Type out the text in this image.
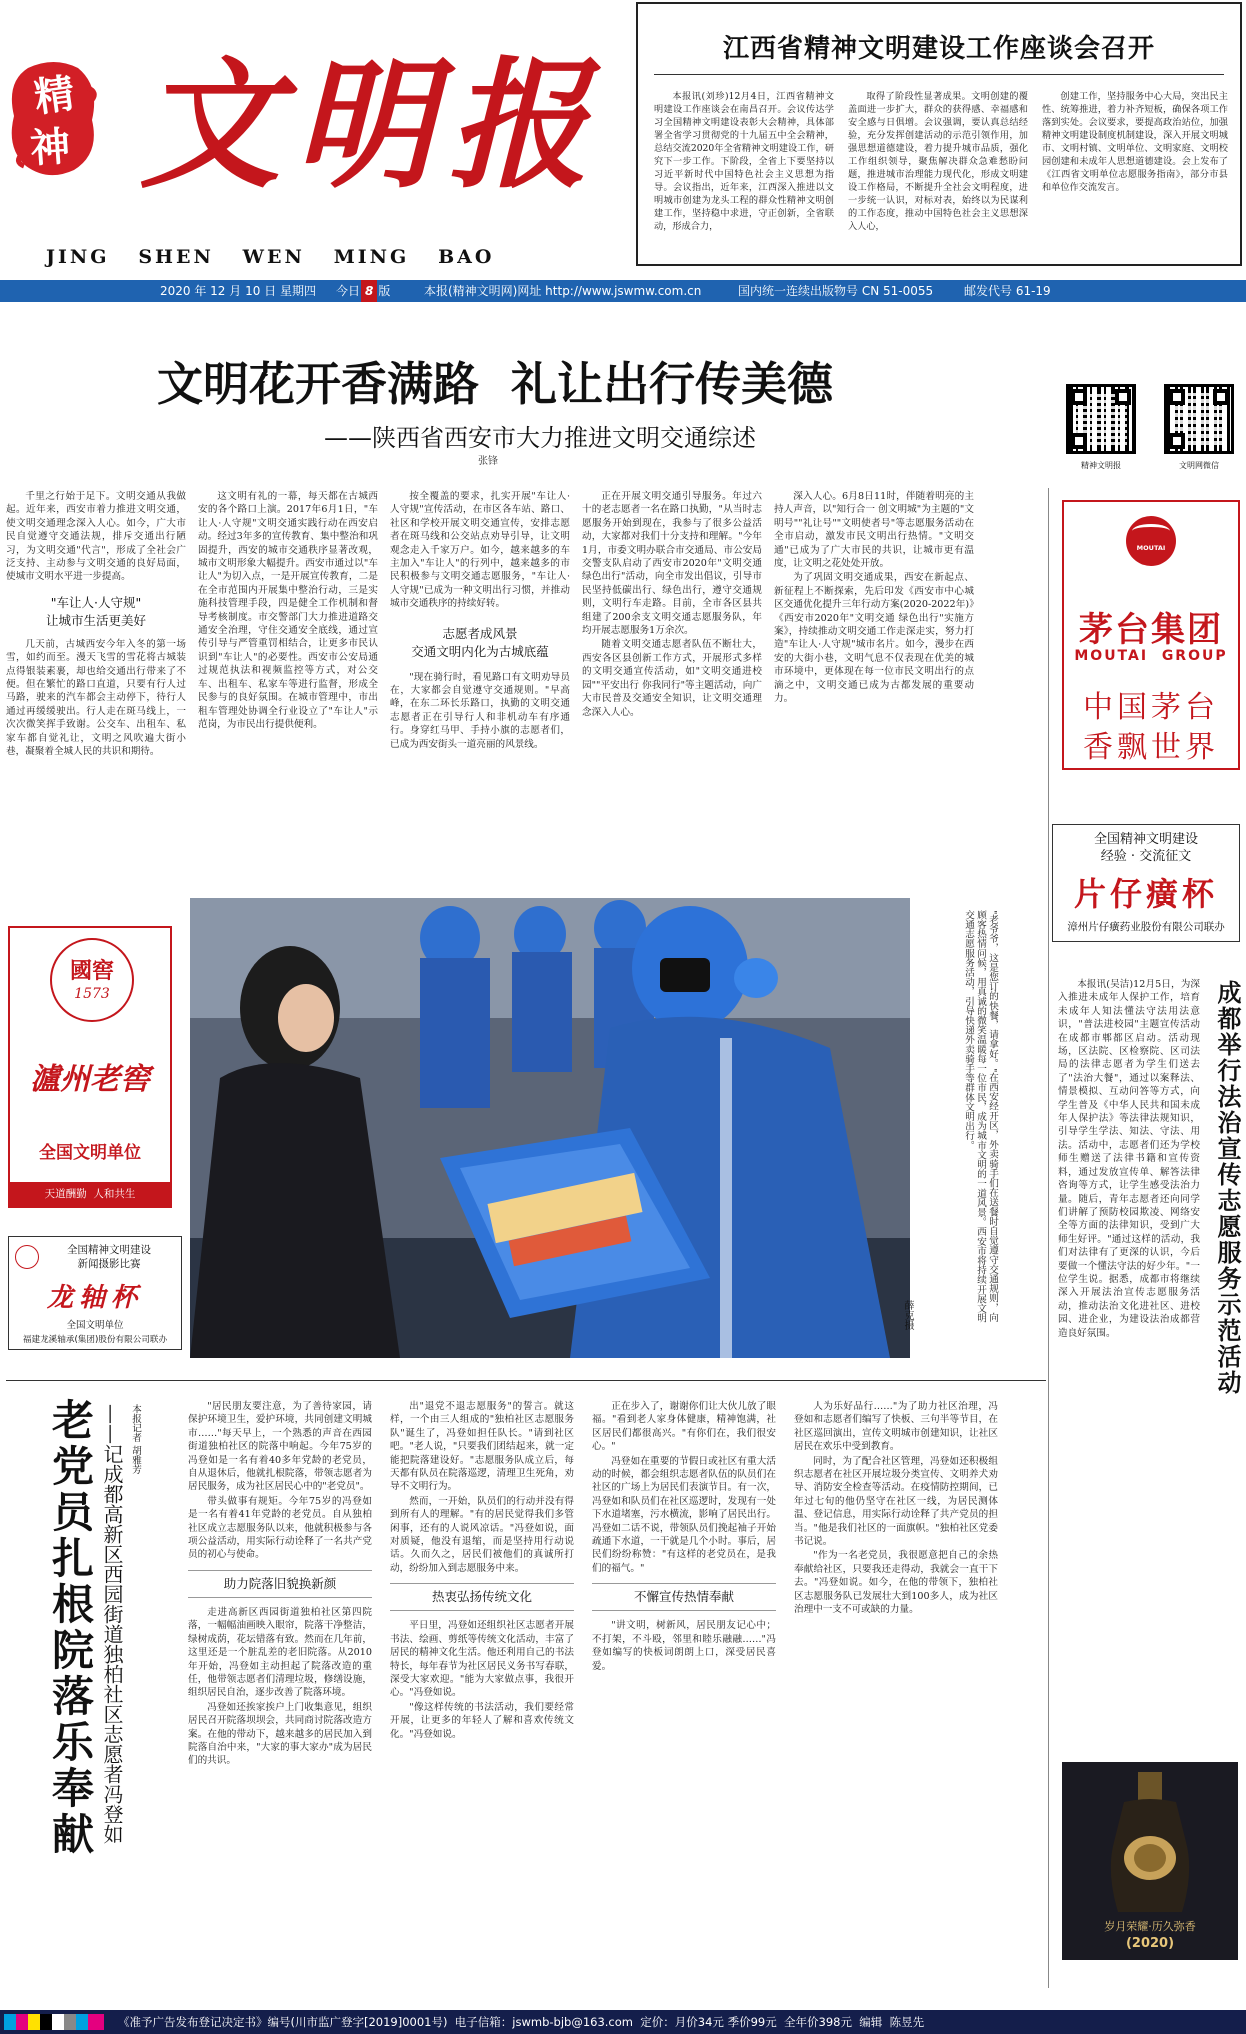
精
神 文明报
JING   SHEN   WEN   MING   BAO
江西省精神文明建设工作座谈会召开

本报讯(刘珍)12月4日，江西省精神文明建设工作座谈会在南昌召开。会议传达学习全国精神文明建设表彰大会精神，具体部署全省学习贯彻党的十九届五中全会精神，总结交流2020年全省精神文明建设工作，研究下一步工作。下阶段，全省上下要坚持以习近平新时代中国特色社会主义思想为指导。会议指出，近年来，江西深入推进以文明城市创建为龙头工程的群众性精神文明创建工作，坚持稳中求进，守正创新，全省联动，形成合力，

取得了阶段性显著成果。文明创建的覆盖面进一步扩大，群众的获得感、幸福感和安全感与日俱增。会议强调，要认真总结经验，充分发挥创建活动的示范引领作用，加强思想道德建设，着力提升城市品质，强化工作组织领导，聚焦解决群众急难愁盼问题，推进城市治理能力现代化，形成文明建设工作格局，不断提升全社会文明程度，进一步统一认识，对标对表，始终以为民谋利的工作态度，推动中国特色社会主义思想深入人心，

创建工作，坚持服务中心大局，突出民主性、统筹推进，着力补齐短板，确保各项工作落到实处。会议要求，要提高政治站位，加强精神文明建设制度机制建设，深入开展文明城市、文明村镇、文明单位、文明家庭、文明校园创建和未成年人思想道德建设。会上发布了《江西省文明单位志愿服务指南》，部分市县和单位作交流发言。

2020 年 12 月 10 日 星期四 今日 8 版	本报(精神文明网)网址 http://www.jswmw.com.cn	国内统一连续出版物号 CN 51-0055	邮发代号 61-19
文明花开香满路  礼让出行传美德
——陕西省西安市大力推进文明交通综述
张锋

千里之行始于足下。文明交通从我做起。近年来，西安市着力推进文明交通，使文明交通理念深入人心。如今，广大市民自觉遵守交通法规，排斥交通出行陋习，为文明交通"代言"，形成了全社会广泛支持、主动参与文明交通的良好局面，使城市文明水平进一步提高。

"车让人·人守规"
让城市生活更美好

几天前，古城西安今年入冬的第一场雪，如约而至。漫天飞雪的雪花将古城装点得银装素裹，却也给交通出行带来了不便。但在繁忙的路口直道，只要有行人过马路，驶来的汽车都会主动停下，待行人通过再缓缓驶出。行人走在斑马线上，一次次微笑挥手致谢。公交车、出租车、私家车都自觉礼让，文明之风吹遍大街小巷，凝聚着全城人民的共识和期待。

这文明有礼的一幕，每天都在古城西安的各个路口上演。2017年6月1日，"车让人·人守规"文明交通实践行动在西安启动。经过3年多的宣传教育、集中整治和巩固提升，西安的城市交通秩序显著改观，城市文明形象大幅提升。西安市通过以"车让人"为切入点，一是开展宣传教育，二是在全市范围内开展集中整治行动，三是实施科技管理手段，四是健全工作机制和督导考核制度。市交警部门大力推进道路交通安全治理，守住交通安全底线，通过宣传引导与严管重罚相结合，让更多市民认识到"车让人"的必要性。西安市公安局通过规范执法和视频监控等方式，对公交车、出租车、私家车等进行监督，形成全民参与的良好氛围。在城市管理中，市出租车管理处协调全行业设立了"车让人"示范岗，为市民出行提供便利。

按全覆盖的要求，扎实开展"车让人·人守规"宣传活动，在市区各车站、路口、社区和学校开展文明交通宣传，安排志愿者在斑马线和公交站点劝导引导，让文明观念走入千家万户。如今，越来越多的车主加入"车让人"的行列中，越来越多的市民积极参与文明交通志愿服务，"车让人·人守规"已成为一种文明出行习惯，并推动城市交通秩序的持续好转。

志愿者成风景
交通文明内化为古城底蕴

"现在骑行时，看见路口有文明劝导员在，大家都会自觉遵守交通规则。"早高峰，在东二环长乐路口，执勤的文明交通志愿者正在引导行人和非机动车有序通行。身穿红马甲、手持小旗的志愿者们，已成为西安街头一道亮丽的风景线。

正在开展文明交通引导服务。年过六十的老志愿者一名在路口执勤，"从当时志愿服务开始到现在，我参与了很多公益活动，大家都对我们十分支持和理解。"今年1月，市委文明办联合市交通局、市公安局交警支队启动了西安市2020年"文明交通 绿色出行"活动，向全市发出倡议，引导市民坚持低碳出行、绿色出行，遵守交通规则，文明行车走路。目前，全市各区县共组建了200余支文明交通志愿服务队，年均开展志愿服务1万余次。

随着文明交通志愿者队伍不断壮大，西安各区县创新工作方式，开展形式多样的文明交通宣传活动，如"文明交通进校园""平安出行 你我同行"等主题活动，向广大市民普及交通安全知识，让文明交通理念深入人心。

深入人心。6月8日11时，伴随着明亮的主持人声音，以"知行合一 创文明城"为主题的"文明号""礼让号""文明使者号"等志愿服务活动在全市启动，激发市民文明出行热情。"文明交通"已成为了广大市民的共识，让城市更有温度，让文明之花处处开放。

为了巩固文明交通成果，西安在新起点、新征程上不断探索，先后印发《西安市中心城区交通优化提升三年行动方案(2020-2022年)》《西安市2020年"文明交通 绿色出行"实施方案》，持续推动文明交通工作走深走实，努力打造"车让人·人守规"城市名片。如今，漫步在西安的大街小巷，文明气息不仅表现在优美的城市环境中，更体现在每一位市民文明出行的点滴之中，文明交通已成为古都发展的重要动力。

精神文明报	文明网微信
MOUTAI
茅台集团
MOUTAI  GROUP
中国茅台
香飘世界
全国精神文明建设
经验 · 交流征文
片仔癀杯
漳州片仔癀药业股份有限公司联办
"老爷爷，这是您订的快餐，请拿好。"在西安经开区，外卖骑手们在送餐时自觉遵守交通规则，向顾客热情问候，用真诚的微笑温暖每一位市民，成为城市文明的一道风景。西安市将持续开展文明交通志愿服务活动，引导快递外卖骑手等群体文明出行。
薛克摄
國窖
1573
瀘州老窖
全国文明单位
天道酬勤  人和共生
全国精神文明建设
新闻摄影比赛
龙轴杯
全国文明单位
福建龙溪轴承(集团)股份有限公司联办	成都举行法治宣传志愿服务示范活动

本报讯(吴洁)12月5日，为深入推进未成年人保护工作，培育未成年人知法懂法守法用法意识，"普法进校园"主题宣传活动在成都市郫都区启动。活动现场，区法院、区检察院、区司法局的法律志愿者为学生们送去了"法治大餐"，通过以案释法、情景模拟、互动问答等方式，向学生普及《中华人民共和国未成年人保护法》等法律法规知识，引导学生学法、知法、守法、用法。活动中，志愿者们还为学校师生赠送了法律书籍和宣传资料，通过发放宣传单、解答法律咨询等方式，让学生感受法治力量。随后，青年志愿者还向同学们讲解了预防校园欺凌、网络安全等方面的法律知识，受到广大师生好评。"通过这样的活动，我们对法律有了更深的认识，今后要做一个懂法守法的好少年。"一位学生说。据悉，成都市将继续深入开展法治宣传志愿服务活动，推动法治文化进社区、进校园、进企业，为建设法治成都营造良好氛围。

岁月荣耀·历久弥香
(2020)
老党员扎根院落乐奉献 ——记成都高新区西园街道独柏社区志愿者冯登如 本报记者 胡雅芳	"居民朋友要注意，为了善待家园，请保护环境卫生，爱护环境，共同创建文明城市……"每天早上，一个熟悉的声音在西园街道独柏社区的院落中响起。今年75岁的冯登如是一名有着40多年党龄的老党员，自从退休后，他就扎根院落，带领志愿者为居民服务，成为社区居民心中的"老党员"。

带头做事有规矩。今年75岁的冯登如是一名有着41年党龄的老党员。自从独柏社区成立志愿服务队以来，他就积极参与各项公益活动，用实际行动诠释了一名共产党员的初心与使命。

助力院落旧貌换新颜

走进高新区西园街道独柏社区第四院落，一幅幅油画映入眼帘，院落干净整洁，绿树成荫，花坛错落有致。然而在几年前，这里还是一个脏乱差的老旧院落。从2010年开始，冯登如主动担起了院落改造的重任，他带领志愿者们清理垃圾，修缮设施，组织居民自治，逐步改善了院落环境。

冯登如还挨家挨户上门收集意见，组织居民召开院落坝坝会，共同商讨院落改造方案。在他的带动下，越来越多的居民加入到院落自治中来，"大家的事大家办"成为居民们的共识。

出"退党不退志愿服务"的誓言。就这样，一个由三人组成的"独柏社区志愿服务队"诞生了，冯登如担任队长。"请到社区吧。"老人说，"只要我们团结起来，就一定能把院落建设好。"志愿服务队成立后，每天都有队员在院落巡逻，清理卫生死角，劝导不文明行为。

然而，一开始，队员们的行动并没有得到所有人的理解。"有的居民觉得我们多管闲事，还有的人说风凉话。"冯登如说，面对质疑，他没有退缩，而是坚持用行动说话。久而久之，居民们被他们的真诚所打动，纷纷加入到志愿服务中来。

热衷弘扬传统文化

平日里，冯登如还组织社区志愿者开展书法、绘画、剪纸等传统文化活动，丰富了居民的精神文化生活。他还利用自己的书法特长，每年春节为社区居民义务书写春联，深受大家欢迎。"能为大家做点事，我很开心。"冯登如说。

"像这样传统的书法活动，我们要经常开展，让更多的年轻人了解和喜欢传统文化。"冯登如说。

正在步入了，谢谢你们让大伙儿放了眼福。"看到老人家身体健康，精神饱满，社区居民们都很高兴。"有你们在，我们很安心。"

冯登如在重要的节假日或社区有重大活动的时候，都会组织志愿者队伍的队员们在社区的广场上为居民们表演节目。有一次，冯登如和队员们在社区巡逻时，发现有一处下水道堵塞，污水横流，影响了居民出行。冯登如二话不说，带领队员们挽起袖子开始疏通下水道，一干就是几个小时。事后，居民们纷纷称赞："有这样的老党员在，是我们的福气。"

不懈宣传热情奉献

"讲文明，树新风，居民朋友记心中；不打架，不斗殴，邻里和睦乐融融……"冯登如编写的快板词朗朗上口，深受居民喜爱。

人为乐好品行……"为了助力社区治理，冯登如和志愿者们编写了快板、三句半等节目，在社区巡回演出，宣传文明城市创建知识，让社区居民在欢乐中受到教育。

同时，为了配合社区管理，冯登如还积极组织志愿者在社区开展垃圾分类宣传、文明养犬劝导、消防安全检查等活动。在疫情防控期间，已年过七旬的他仍坚守在社区一线，为居民测体温、登记信息，用实际行动诠释了共产党员的担当。"他是我们社区的一面旗帜。"独柏社区党委书记说。

"作为一名老党员，我很愿意把自己的余热奉献给社区，只要我还走得动，我就会一直干下去。"冯登如说。如今，在他的带领下，独柏社区志愿服务队已发展壮大到100多人，成为社区治理中一支不可或缺的力量。

《准予广告发布登记决定书》编号(川市监广登字[2019]0001号)  电子信箱：jswmb-bjb@163.com  定价：月价34元 季价99元  全年价398元  编辑  陈昱先
